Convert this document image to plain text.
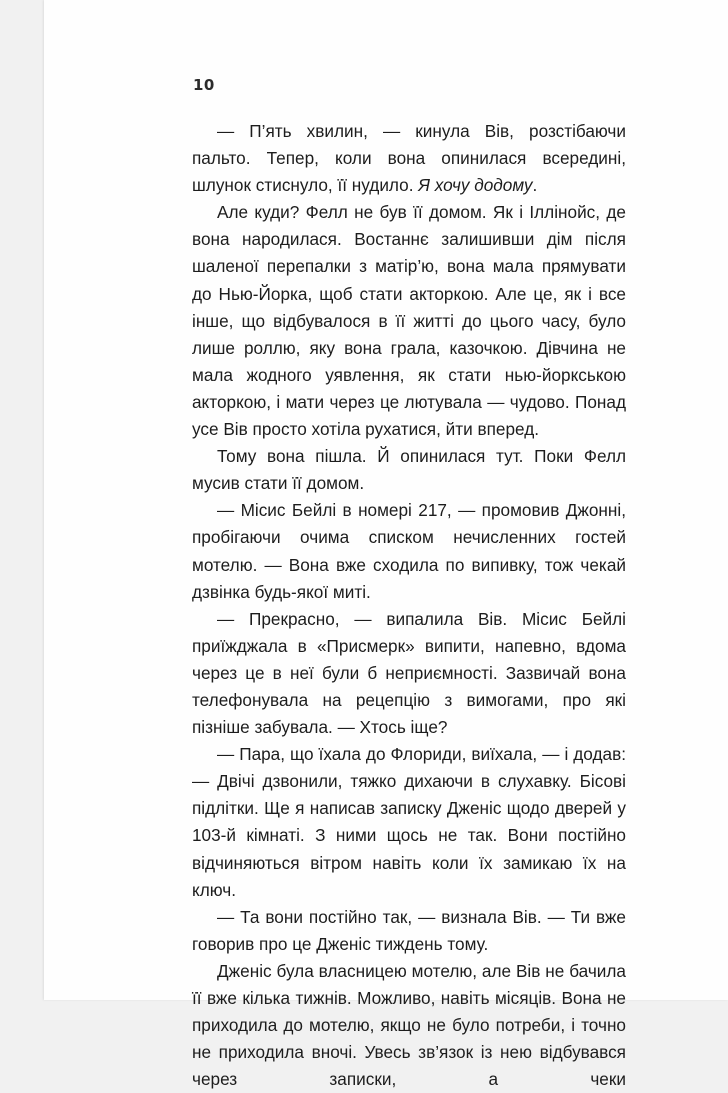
10

— П’ять хвилин, — кинула Вів, розстібаючи пальто. Тепер, коли вона опинилася всередині, шлунок стиснуло, її нудило. Я хочу додому.

Але куди? Фелл не був її домом. Як і Іллінойс, де вона народилася. Востаннє залишивши дім після шаленої перепалки з матір’ю, вона мала прямувати до Нью-Йорка, щоб стати акторкою. Але це, як і все інше, що відбувалося в її житті до цього часу, було лише роллю, яку вона грала, казочкою. Дівчина не мала жодного уявлення, як стати нью-йоркською акторкою, і мати через це лютувала — чудово. Понад усе Вів просто хотіла рухатися, йти вперед.

Тому вона пішла. Й опинилася тут. Поки Фелл мусив стати її домом.

— Місис Бейлі в номері 217, — промовив Джонні, пробігаючи очима списком нечисленних гостей мотелю. — Вона вже сходила по випивку, тож чекай дзвінка будь-якої миті.

— Прекрасно, — випалила Вів. Місис Бейлі приїжджала в «Присмерк» випити, напевно, вдома через це в неї були б неприємності. Зазвичай вона телефонувала на рецепцію з вимогами, про які пізніше забувала. — Хтось іще?

— Пара, що їхала до Флориди, виїхала, — і додав: — Двічі дзвонили, тяжко дихаючи в слухавку. Бісові підлітки. Ще я написав записку Дженіс щодо дверей у 103-й кімнаті. З ними щось не так. Вони постійно відчиняються вітром навіть коли їх замикаю їх на ключ.

— Та вони постійно так, — визнала Вів. — Ти вже говорив про це Дженіс тиждень тому.

Дженіс була власницею мотелю, але Вів не бачила її вже кілька тижнів. Можливо, навіть місяців. Вона не приходила до мотелю, якщо не було потреби, і точно не приходила вночі. Увесь зв’язок із нею відбувався через записки, а чеки
